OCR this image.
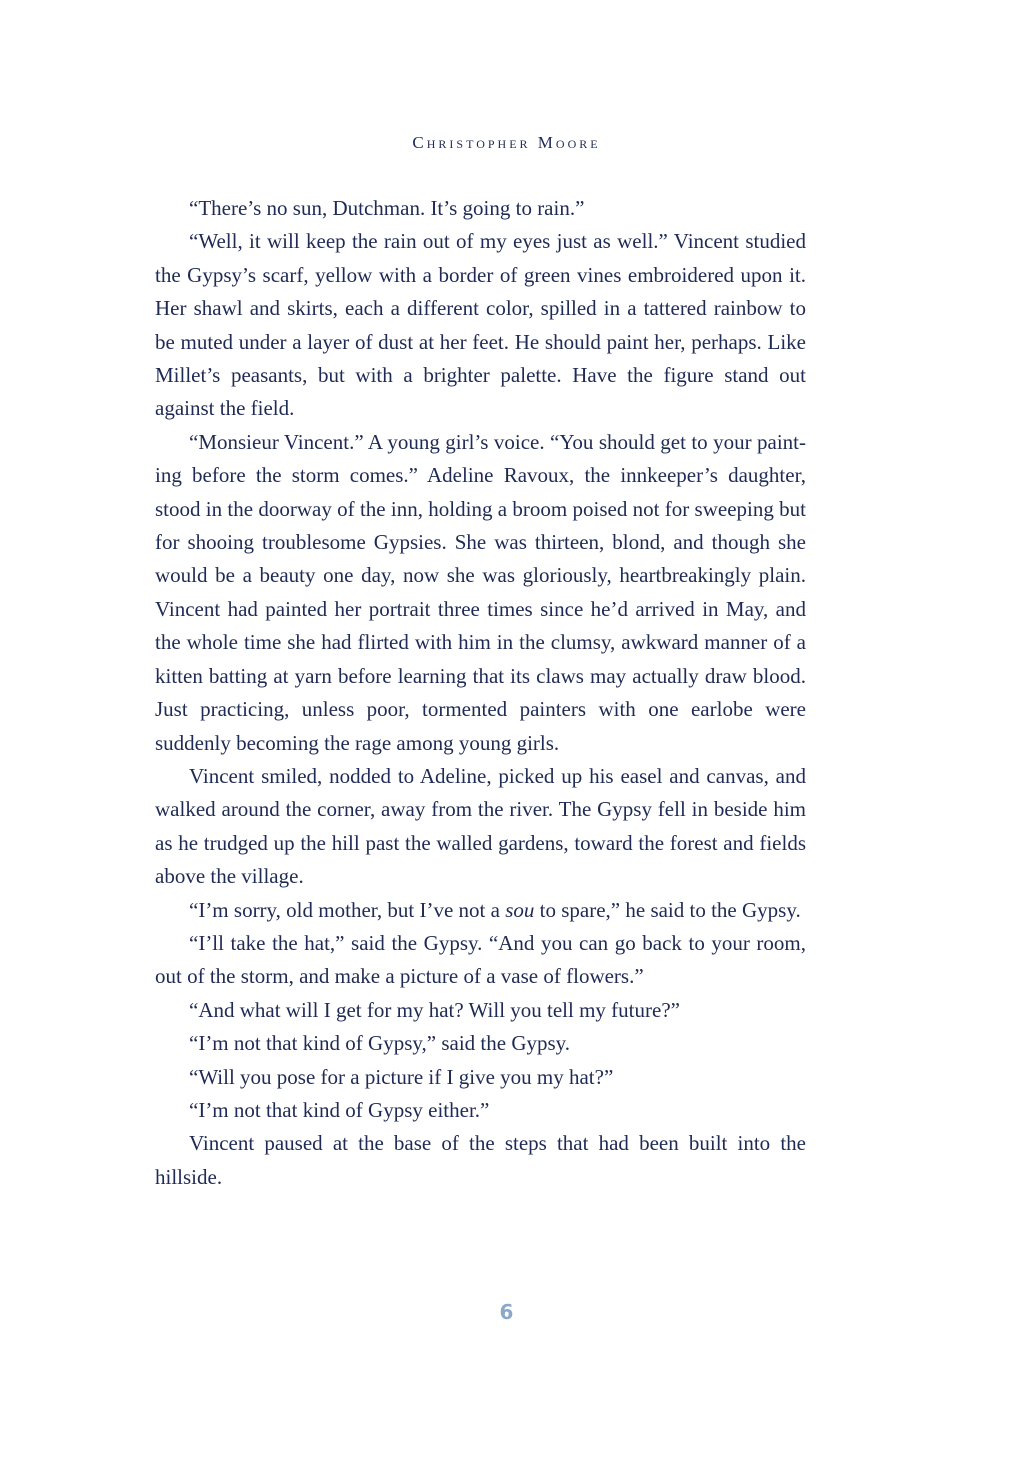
Christopher Moore

“There’s no sun, Dutchman. It’s going to rain.”

“Well, it will keep the rain out of my eyes just as well.” Vincent studied the Gypsy’s scarf, yellow with a border of green vines embroidered upon it. Her shawl and skirts, each a different color, spilled in a tattered rainbow to be muted under a layer of dust at her feet. He should paint her, perhaps. Like Millet’s peasants, but with a brighter palette. Have the figure stand out against the field.

“Monsieur Vincent.” A young girl’s voice. “You should get to your painting before the storm comes.” Adeline Ravoux, the innkeeper’s daughter, stood in the doorway of the inn, holding a broom poised not for sweeping but for shooing troublesome Gypsies. She was thirteen, blond, and though she would be a beauty one day, now she was gloriously, heartbreakingly plain. Vincent had painted her portrait three times since he’d arrived in May, and the whole time she had flirted with him in the clumsy, awkward manner of a kitten batting at yarn before learning that its claws may actually draw blood. Just practicing, unless poor, tormented painters with one earlobe were suddenly becoming the rage among young girls.

Vincent smiled, nodded to Adeline, picked up his easel and canvas, and walked around the corner, away from the river. The Gypsy fell in beside him as he trudged up the hill past the walled gardens, toward the forest and fields above the village.

“I’m sorry, old mother, but I’ve not a sou to spare,” he said to the Gypsy.

“I’ll take the hat,” said the Gypsy. “And you can go back to your room, out of the storm, and make a picture of a vase of flowers.”

“And what will I get for my hat? Will you tell my future?”

“I’m not that kind of Gypsy,” said the Gypsy.

“Will you pose for a picture if I give you my hat?”

“I’m not that kind of Gypsy either.”

Vincent paused at the base of the steps that had been built into the hillside.

6
